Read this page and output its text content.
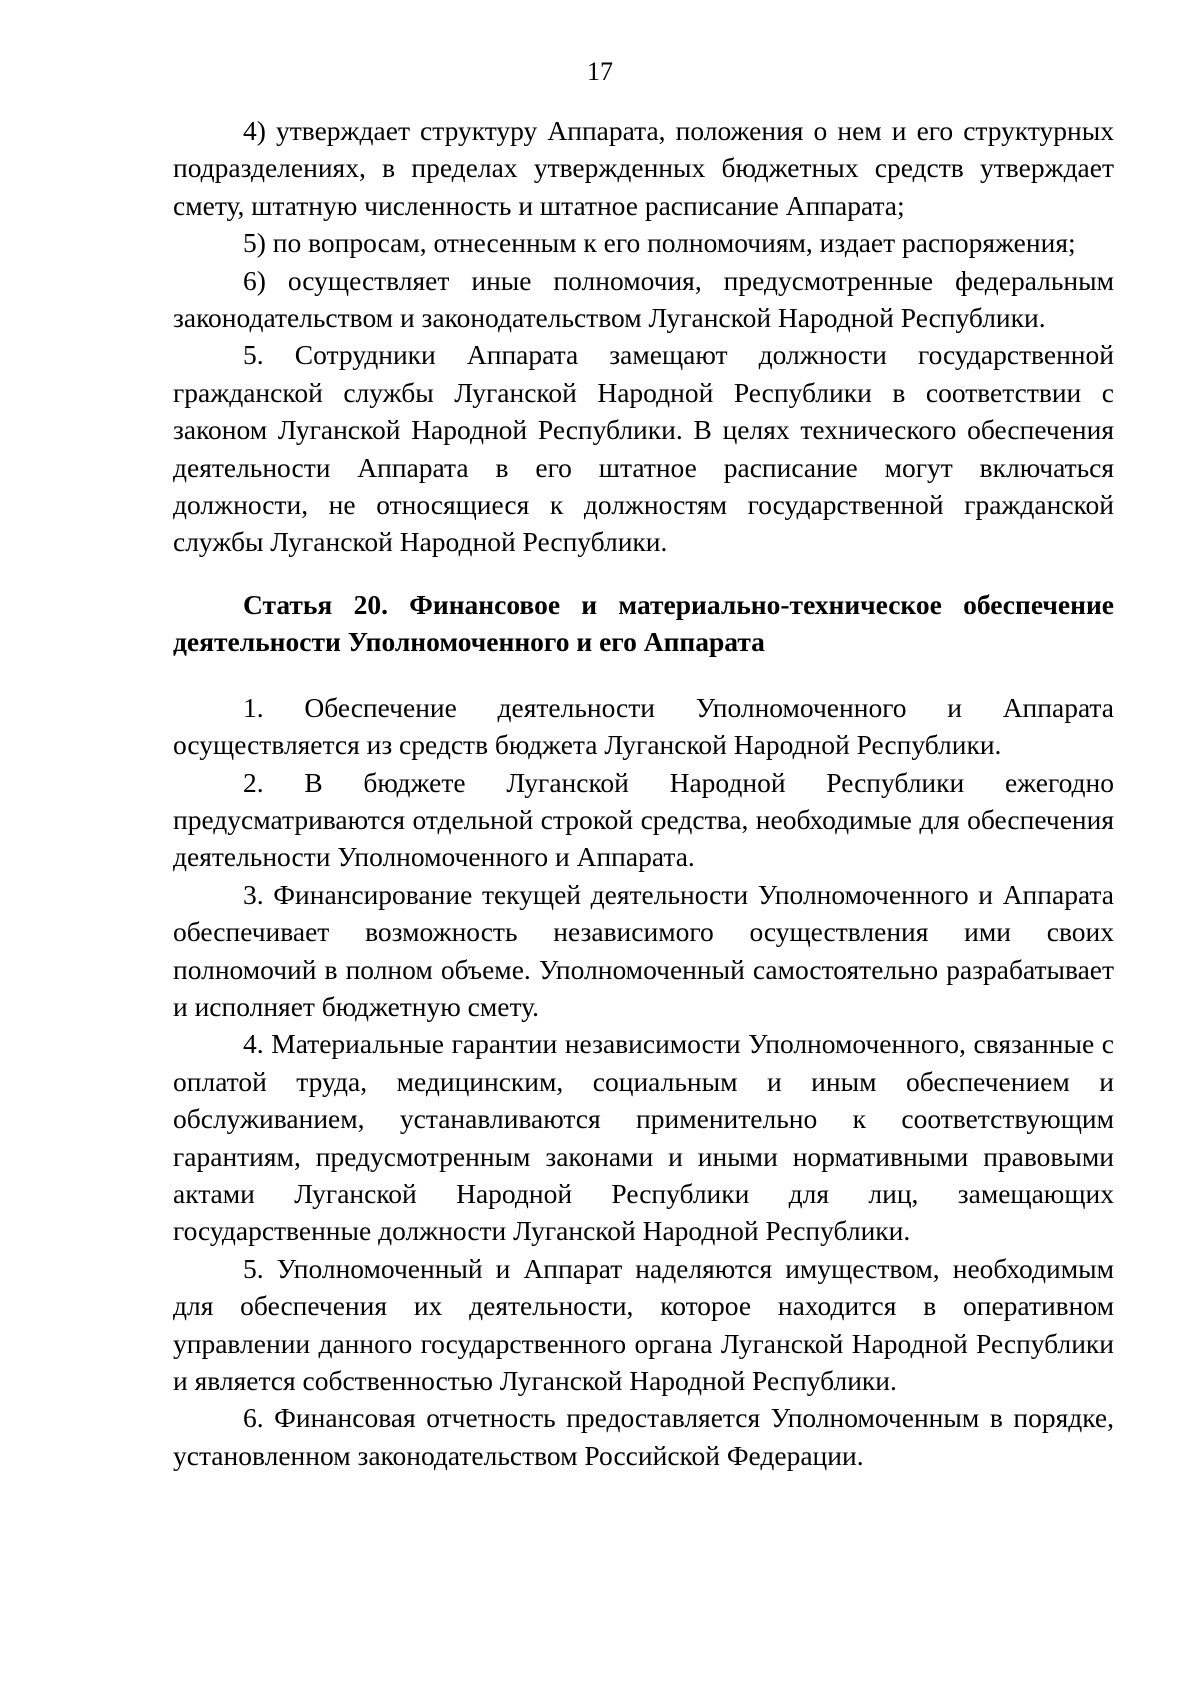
17

4) утверждает структуру Аппарата, положения о нем и его структурных подразделениях, в пределах утвержденных бюджетных средств утверждает смету, штатную численность и штатное расписание Аппарата;

5) по вопросам, отнесенным к его полномочиям, издает распоряжения;

6) осуществляет иные полномочия, предусмотренные федеральным законодательством и законодательством Луганской Народной Республики.

5. Сотрудники Аппарата замещают должности государственной гражданской службы Луганской Народной Республики в соответствии с законом Луганской Народной Республики. В целях технического обеспечения деятельности Аппарата в его штатное расписание могут включаться должности, не относящиеся к должностям государственной гражданской службы Луганской Народной Республики.

Статья 20. Финансовое и материально-техническое обеспечение деятельности Уполномоченного и его Аппарата

1. Обеспечение деятельности Уполномоченного и Аппарата осуществляется из средств бюджета Луганской Народной Республики.

2. В бюджете Луганской Народной Республики ежегодно предусматриваются отдельной строкой средства, необходимые для обеспечения деятельности Уполномоченного и Аппарата.

3. Финансирование текущей деятельности Уполномоченного и Аппарата обеспечивает возможность независимого осуществления ими своих полномочий в полном объеме. Уполномоченный самостоятельно разрабатывает и исполняет бюджетную смету.

4. Материальные гарантии независимости Уполномоченного, связанные с оплатой труда, медицинским, социальным и иным обеспечением и обслуживанием, устанавливаются применительно к соответствующим гарантиям, предусмотренным законами и иными нормативными правовыми актами Луганской Народной Республики для лиц, замещающих государственные должности Луганской Народной Республики.

5. Уполномоченный и Аппарат наделяются имуществом, необходимым для обеспечения их деятельности, которое находится в оперативном управлении данного государственного органа Луганской Народной Республики и является собственностью Луганской Народной Республики.

6. Финансовая отчетность предоставляется Уполномоченным в порядке, установленном законодательством Российской Федерации.
